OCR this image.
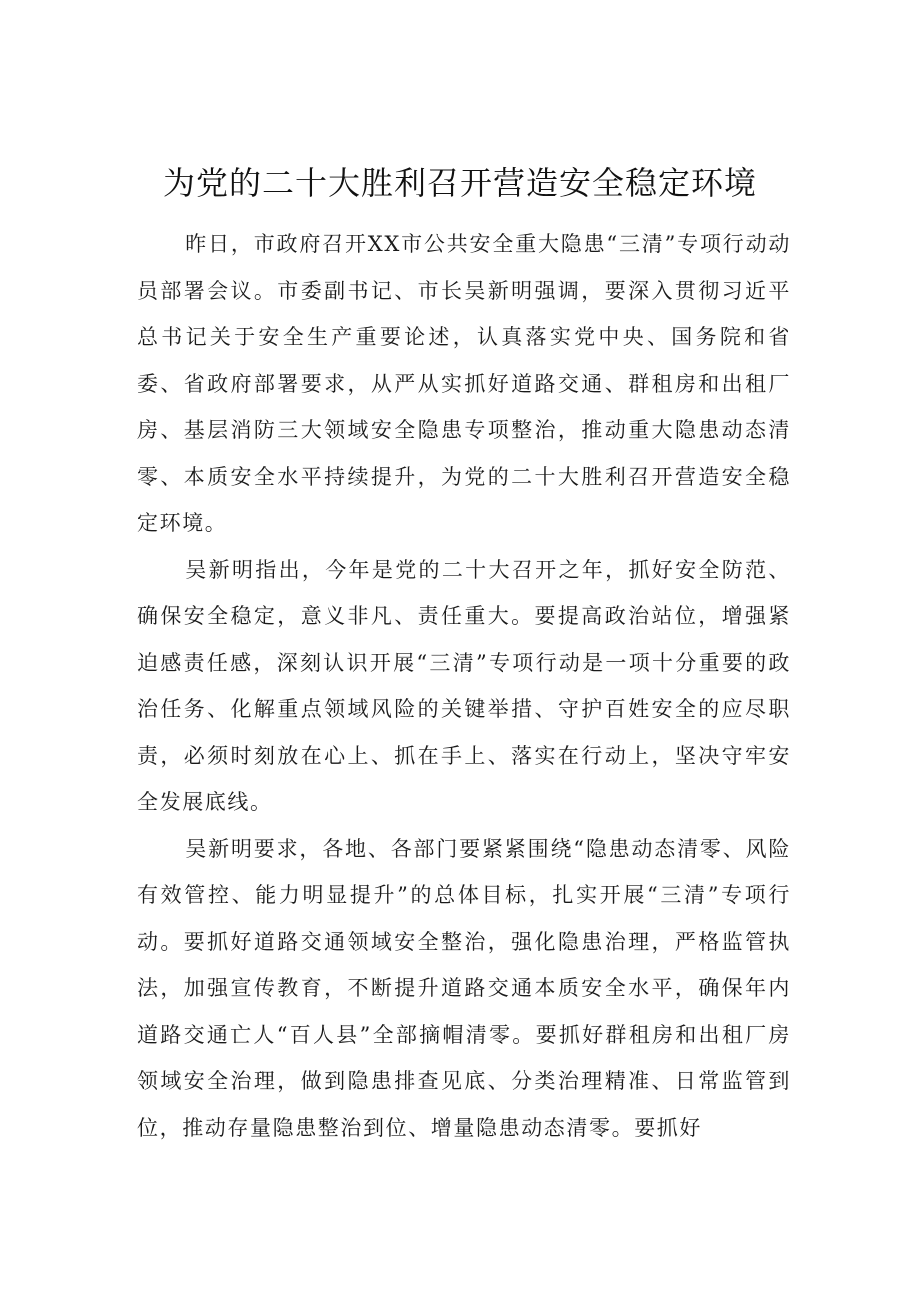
为党的二十大胜利召开营造安全稳定环境

昨日，市政府召开XX市公共安全重大隐患“三清”专项行动动员部署会议。市委副书记、市长吴新明强调，要深入贯彻习近平总书记关于安全生产重要论述，认真落实党中央、国务院和省委、省政府部署要求，从严从实抓好道路交通、群租房和出租厂房、基层消防三大领域安全隐患专项整治，推动重大隐患动态清零、本质安全水平持续提升，为党的二十大胜利召开营造安全稳定环境。

吴新明指出，今年是党的二十大召开之年，抓好安全防范、确保安全稳定，意义非凡、责任重大。要提高政治站位，增强紧迫感责任感，深刻认识开展“三清”专项行动是一项十分重要的政治任务、化解重点领域风险的关键举措、守护百姓安全的应尽职责，必须时刻放在心上、抓在手上、落实在行动上，坚决守牢安全发展底线。

吴新明要求，各地、各部门要紧紧围绕“隐患动态清零、风险有效管控、能力明显提升”的总体目标，扎实开展“三清”专项行动。要抓好道路交通领域安全整治，强化隐患治理，严格监管执法，加强宣传教育，不断提升道路交通本质安全水平，确保年内道路交通亡人“百人县”全部摘帽清零。要抓好群租房和出租厂房领域安全治理，做到隐患排查见底、分类治理精准、日常监管到位，推动存量隐患整治到位、增量隐患动态清零。要抓好
